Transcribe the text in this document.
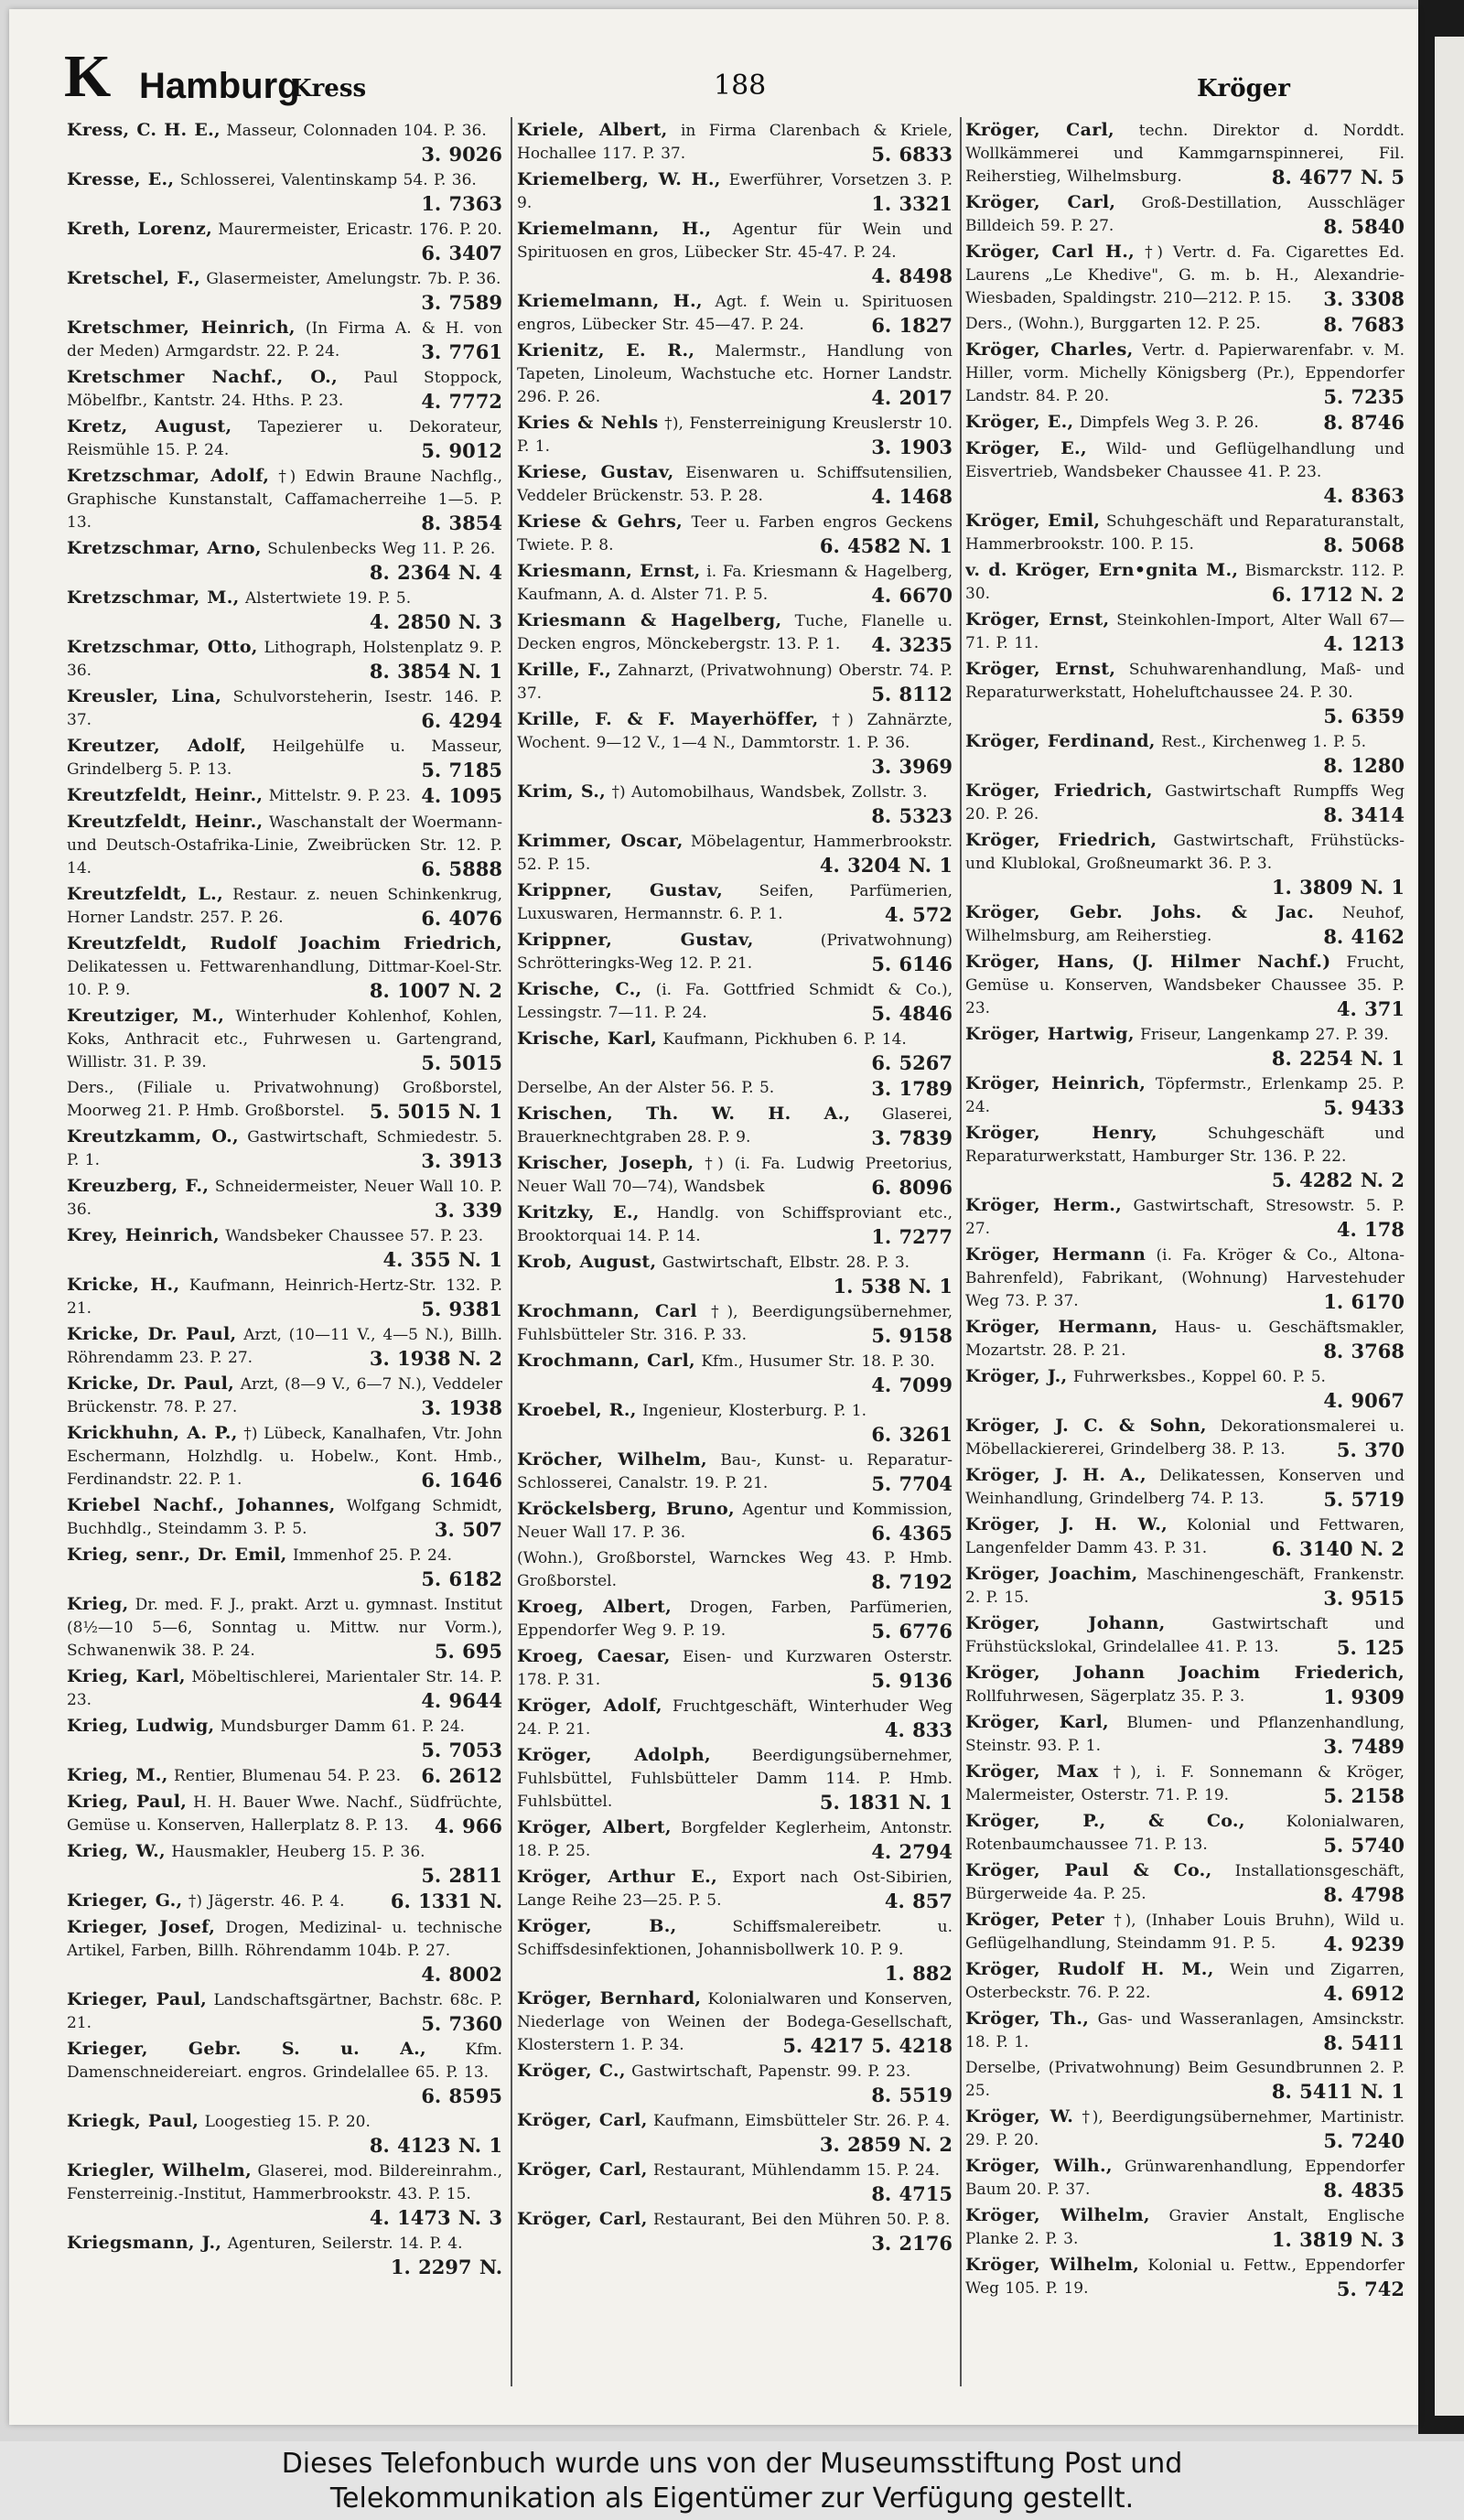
K Hamburg
Kress	188	Kröger
Kress, C. H. E., Masseur, Colonnaden 104. P. 36.
3. 9026
Kresse, E., Schlosserei, Valentinskamp 54. P. 36.
1. 7363
Kreth, Lorenz, Maurermeister, Ericastr. 176. P. 20.
6. 3407
Kretschel, F., Glasermeister, Amelungstr. 7b. P. 36.
3. 7589
Kretschmer, Heinrich, (In Firma A. & H. von der Meden) Armgardstr. 22. P. 24.	3. 7761
Kretschmer Nachf., O., Paul Stoppock, Möbelfbr., Kantstr. 24. Hths. P. 23.	4. 7772
Kretz, August, Tapezierer u. Dekorateur, Reismühle 15. P. 24.	5. 9012
Kretzschmar, Adolf, †) Edwin Braune Nachflg., Graphische Kunstanstalt, Caffamacherreihe 1—5. P. 13.	8. 3854
Kretzschmar, Arno, Schulenbecks Weg 11. P. 26.
8. 2364 N. 4
Kretzschmar, M., Alstertwiete 19. P. 5.
4. 2850 N. 3
Kretzschmar, Otto, Lithograph, Holstenplatz 9. P. 36.	8. 3854 N. 1
Kreusler, Lina, Schulvorsteherin, Isestr. 146. P. 37.	6. 4294
Kreutzer, Adolf, Heilgehülfe u. Masseur, Grindelberg 5. P. 13.	5. 7185
Kreutzfeldt, Heinr., Mittelstr. 9. P. 23. 4. 1095
Kreutzfeldt, Heinr., Waschanstalt der Woermann- und Deutsch-Ostafrika-Linie, Zweibrücken Str. 12. P. 14.	6. 5888
Kreutzfeldt, L., Restaur. z. neuen Schinkenkrug, Horner Landstr. 257. P. 26.	6. 4076
Kreutzfeldt, Rudolf Joachim Friedrich, Delikatessen u. Fettwarenhandlung, Dittmar-Koel-Str. 10. P. 9.	8. 1007 N. 2
Kreutziger, M., Winterhuder Kohlenhof, Kohlen, Koks, Anthracit etc., Fuhrwesen u. Gartengrand, Willistr. 31. P. 39.	5. 5015
Ders., (Filiale u. Privatwohnung) Großborstel, Moorweg 21. P. Hmb. Großborstel.	5. 5015 N. 1
Kreutzkamm, O., Gastwirtschaft, Schmiedestr. 5. P. 1.	3. 3913
Kreuzberg, F., Schneidermeister, Neuer Wall 10. P. 36.	3. 339
Krey, Heinrich, Wandsbeker Chaussee 57. P. 23.
4. 355 N. 1
Kricke, H., Kaufmann, Heinrich-Hertz-Str. 132. P. 21.	5. 9381
Kricke, Dr. Paul, Arzt, (10—11 V., 4—5 N.), Billh. Röhrendamm 23. P. 27.	3. 1938 N. 2
Kricke, Dr. Paul, Arzt, (8—9 V., 6—7 N.), Veddeler Brückenstr. 78. P. 27.	3. 1938
Krickhuhn, A. P., †) Lübeck, Kanalhafen, Vtr. John Eschermann, Holzhdlg. u. Hobelw., Kont. Hmb., Ferdinandstr. 22. P. 1.	6. 1646
Kriebel Nachf., Johannes, Wolfgang Schmidt, Buchhdlg., Steindamm 3. P. 5.	3. 507
Krieg, senr., Dr. Emil, Immenhof 25. P. 24.
5. 6182
Krieg, Dr. med. F. J., prakt. Arzt u. gymnast. Institut (8½—10 5—6, Sonntag u. Mittw. nur Vorm.), Schwanenwik 38. P. 24.	5. 695
Krieg, Karl, Möbeltischlerei, Marientaler Str. 14. P. 23.	4. 9644
Krieg, Ludwig, Mundsburger Damm 61. P. 24.
5. 7053
Krieg, M., Rentier, Blumenau 54. P. 23.	6. 2612
Krieg, Paul, H. H. Bauer Wwe. Nachf., Südfrüchte, Gemüse u. Konserven, Hallerplatz 8. P. 13.	4. 966
Krieg, W., Hausmakler, Heuberg 15. P. 36.
5. 2811
Krieger, G., †) Jägerstr. 46. P. 4.	6. 1331 N.
Krieger, Josef, Drogen, Medizinal- u. technische Artikel, Farben, Billh. Röhrendamm 104b. P. 27.
4. 8002
Krieger, Paul, Landschaftsgärtner, Bachstr. 68c. P. 21.	5. 7360
Krieger, Gebr. S. u. A.,	Kfm. Damenschneidereiart. engros. Grindelallee 65. P. 13.
6. 8595
Kriegk, Paul, Loogestieg 15. P. 20.
8. 4123 N. 1
Kriegler, Wilhelm, Glaserei, mod. Bildereinrahm., Fensterreinig.-Institut, Hammerbrookstr. 43. P. 15.
4. 1473 N. 3
Kriegsmann, J., Agenturen, Seilerstr. 14. P. 4.
1. 2297 N.
Kriele, Albert, in Firma Clarenbach & Kriele, Hochallee 117. P. 37.	5. 6833
Kriemelberg, W. H., Ewerführer, Vorsetzen 3. P. 9.	1. 3321
Kriemelmann, H., Agentur für Wein und Spirituosen en gros, Lübecker Str. 45-47. P. 24.
4. 8498
Kriemelmann, H., Agt. f. Wein u. Spirituosen engros, Lübecker Str. 45—47. P. 24.	6. 1827
Krienitz, E. R., Malermstr., Handlung von Tapeten, Linoleum, Wachstuche etc. Horner Landstr. 296. P. 26.	4. 2017
Kries & Nehls †), Fensterreinigung Kreuslerstr 10. P. 1.	3. 1903
Kriese, Gustav, Eisenwaren u. Schiffsutensilien, Veddeler Brückenstr. 53. P. 28.	4. 1468
Kriese & Gehrs, Teer u. Farben engros Geckens Twiete. P. 8.	6. 4582 N. 1
Kriesmann, Ernst, i. Fa. Kriesmann & Hagelberg, Kaufmann, A. d. Alster 71. P. 5.	4. 6670
Kriesmann & Hagelberg, Tuche, Flanelle u. Decken engros, Mönckebergstr. 13. P. 1.	4. 3235
Krille, F., Zahnarzt, (Privatwohnung) Oberstr. 74. P. 37.	5. 8112
Krille, F. & F. Mayerhöffer, †) Zahnärzte, Wochent. 9—12 V., 1—4 N., Dammtorstr. 1. P. 36.
3. 3969
Krim, S., †) Automobilhaus, Wandsbek, Zollstr. 3.
8. 5323
Krimmer, Oscar, Möbelagentur, Hammerbrookstr. 52. P. 15.	4. 3204 N. 1
Krippner, Gustav, Seifen, Parfümerien, Luxuswaren, Hermannstr. 6. P. 1.	4. 572
Krippner, Gustav,	(Privatwohnung) Schrötteringks-Weg 12. P. 21.	5. 6146
Krische, C., (i. Fa. Gottfried Schmidt & Co.), Lessingstr. 7—11. P. 24.	5. 4846
Krische, Karl, Kaufmann, Pickhuben 6. P. 14.
6. 5267
Derselbe, An der Alster 56. P. 5.	3. 1789
Krischen, Th. W. H. A., Glaserei, Brauerknechtgraben 28. P. 9.	3. 7839
Krischer, Joseph, †) (i. Fa. Ludwig Preetorius, Neuer Wall 70—74), Wandsbek	6. 8096
Kritzky, E., Handlg. von Schiffsproviant etc., Brooktorquai 14. P. 14.	1. 7277
Krob, August, Gastwirtschaft, Elbstr. 28. P. 3.
1. 538 N. 1
Krochmann, Carl †), Beerdigungsübernehmer, Fuhlsbütteler Str. 316. P. 33.	5. 9158
Krochmann, Carl, Kfm., Husumer Str. 18. P. 30.
4. 7099
Kroebel, R., Ingenieur, Klosterburg. P. 1.
6. 3261
Kröcher, Wilhelm, Bau-, Kunst- u. Reparatur-Schlosserei, Canalstr. 19. P. 21.	5. 7704
Kröckelsberg, Bruno, Agentur und Kommission, Neuer Wall 17. P. 36.	6. 4365
(Wohn.), Großborstel, Warnckes Weg 43. P. Hmb. Großborstel.	8. 7192
Kroeg, Albert, Drogen, Farben, Parfümerien, Eppendorfer Weg 9. P. 19.	5. 6776
Kroeg, Caesar, Eisen- und Kurzwaren Osterstr. 178. P. 31.	5. 9136
Kröger, Adolf, Fruchtgeschäft, Winterhuder Weg 24. P. 21.	4. 833
Kröger, Adolph,	Beerdigungsübernehmer, Fuhlsbüttel, Fuhlsbütteler Damm 114. P. Hmb. Fuhlsbüttel.	5. 1831 N. 1
Kröger, Albert, Borgfelder Keglerheim, Antonstr. 18. P. 25.	4. 2794
Kröger, Arthur E., Export nach Ost-Sibirien, Lange Reihe 23—25. P. 5.	4. 857
Kröger, B.,	Schiffsmalereibetr. u. Schiffsdesinfektionen, Johannisbollwerk 10. P. 9.
1. 882
Kröger, Bernhard, Kolonialwaren und Konserven, Niederlage von Weinen der Bodega-Gesellschaft, Klosterstern 1. P. 34.	5. 4217 5. 4218
Kröger, C., Gastwirtschaft, Papenstr. 99. P. 23.
8. 5519
Kröger, Carl, Kaufmann, Eimsbütteler Str. 26. P. 4.
3. 2859 N. 2
Kröger, Carl, Restaurant, Mühlendamm 15. P. 24.
8. 4715
Kröger, Carl, Restaurant, Bei den Mühren 50. P. 8.
3. 2176
Kröger, Carl, techn. Direktor d. Norddt. Wollkämmerei und Kammgarnspinnerei, Fil. Reiherstieg, Wilhelmsburg.	8. 4677 N. 5
Kröger, Carl, Groß-Destillation, Ausschläger Billdeich 59. P. 27.	8. 5840
Kröger, Carl H., †) Vertr. d. Fa. Cigarettes Ed. Laurens „Le Khedive", G. m. b. H., Alexandrie-Wiesbaden, Spaldingstr. 210—212. P. 15.	3. 3308
Ders., (Wohn.), Burggarten 12. P. 25.	8. 7683
Kröger, Charles, Vertr. d. Papierwarenfabr. v. M. Hiller, vorm. Michelly Königsberg (Pr.), Eppendorfer Landstr. 84. P. 20.	5. 7235
Kröger, E., Dimpfels Weg 3. P. 26.	8. 8746
Kröger, E., Wild- und Geflügelhandlung und Eisvertrieb, Wandsbeker Chaussee 41. P. 23.
4. 8363
Kröger, Emil, Schuhgeschäft und Reparaturanstalt, Hammerbrookstr. 100. P. 15.	8. 5068
v. d. Kröger, Ern•gnita M., Bismarckstr. 112. P. 30.	6. 1712 N. 2
Kröger, Ernst, Steinkohlen-Import, Alter Wall 67—71. P. 11.	4. 1213
Kröger, Ernst, Schuhwarenhandlung, Maß- und Reparaturwerkstatt, Hoheluftchaussee 24. P. 30.
5. 6359
Kröger, Ferdinand, Rest., Kirchenweg 1. P. 5.
8. 1280
Kröger, Friedrich, Gastwirtschaft Rumpffs Weg 20. P. 26.	8. 3414
Kröger, Friedrich, Gastwirtschaft, Frühstücks- und Klublokal, Großneumarkt 36. P. 3.
1. 3809 N. 1
Kröger, Gebr. Johs. & Jac. Neuhof, Wilhelmsburg, am Reiherstieg.	8. 4162
Kröger, Hans, (J. Hilmer Nachf.) Frucht, Gemüse u. Konserven, Wandsbeker Chaussee 35. P. 23.	4. 371
Kröger, Hartwig, Friseur, Langenkamp 27. P. 39.
8. 2254 N. 1
Kröger, Heinrich, Töpfermstr., Erlenkamp 25. P. 24.	5. 9433
Kröger, Henry,	Schuhgeschäft und Reparaturwerkstatt, Hamburger Str. 136. P. 22.
5. 4282 N. 2
Kröger, Herm., Gastwirtschaft, Stresowstr. 5. P. 27.	4. 178
Kröger, Hermann (i. Fa. Kröger & Co., Altona-Bahrenfeld), Fabrikant, (Wohnung) Harvestehuder Weg 73. P. 37.	1. 6170
Kröger, Hermann, Haus- u. Geschäftsmakler, Mozartstr. 28. P. 21.	8. 3768
Kröger, J., Fuhrwerksbes., Koppel 60. P. 5.
4. 9067
Kröger, J. C. & Sohn, Dekorationsmalerei u. Möbellackiererei, Grindelberg 38. P. 13.	5. 370
Kröger, J. H. A., Delikatessen, Konserven und Weinhandlung, Grindelberg 74. P. 13.	5. 5719
Kröger, J. H. W., Kolonial und Fettwaren, Langenfelder Damm 43. P. 31.	6. 3140 N. 2
Kröger, Joachim, Maschinengeschäft, Frankenstr. 2. P. 15.	3. 9515
Kröger, Johann,	Gastwirtschaft und Frühstückslokal, Grindelallee 41. P. 13.	5. 125
Kröger, Johann Joachim Friederich, Rollfuhrwesen, Sägerplatz 35. P. 3.	1. 9309
Kröger, Karl, Blumen- und Pflanzenhandlung, Steinstr. 93. P. 1.	3. 7489
Kröger, Max †), i. F. Sonnemann & Kröger, Malermeister, Osterstr. 71. P. 19.	5. 2158
Kröger, P., & Co.,	Kolonialwaren, Rotenbaumchaussee 71. P. 13.	5. 5740
Kröger, Paul & Co., Installationsgeschäft, Bürgerweide 4a. P. 25.	8. 4798
Kröger, Peter †), (Inhaber Louis Bruhn), Wild u. Geflügelhandlung, Steindamm 91. P. 5.	4. 9239
Kröger, Rudolf H. M., Wein und Zigarren, Osterbeckstr. 76. P. 22.	4. 6912
Kröger, Th., Gas- und Wasseranlagen, Amsinckstr. 18. P. 1.	8. 5411
Derselbe, (Privatwohnung) Beim Gesundbrunnen 2. P. 25.	8. 5411 N. 1
Kröger, W. †), Beerdigungsübernehmer, Martinistr. 29. P. 20.	5. 7240
Kröger, Wilh., Grünwarenhandlung, Eppendorfer Baum 20. P. 37.	8. 4835
Kröger, Wilhelm, Gravier Anstalt, Englische Planke 2. P. 3.	1. 3819 N. 3
Kröger, Wilhelm, Kolonial u. Fettw., Eppendorfer Weg 105. P. 19.	5. 742
Dieses Telefonbuch wurde uns von der Museumsstiftung Post und
Telekommunikation als Eigentümer zur Verfügung gestellt.
